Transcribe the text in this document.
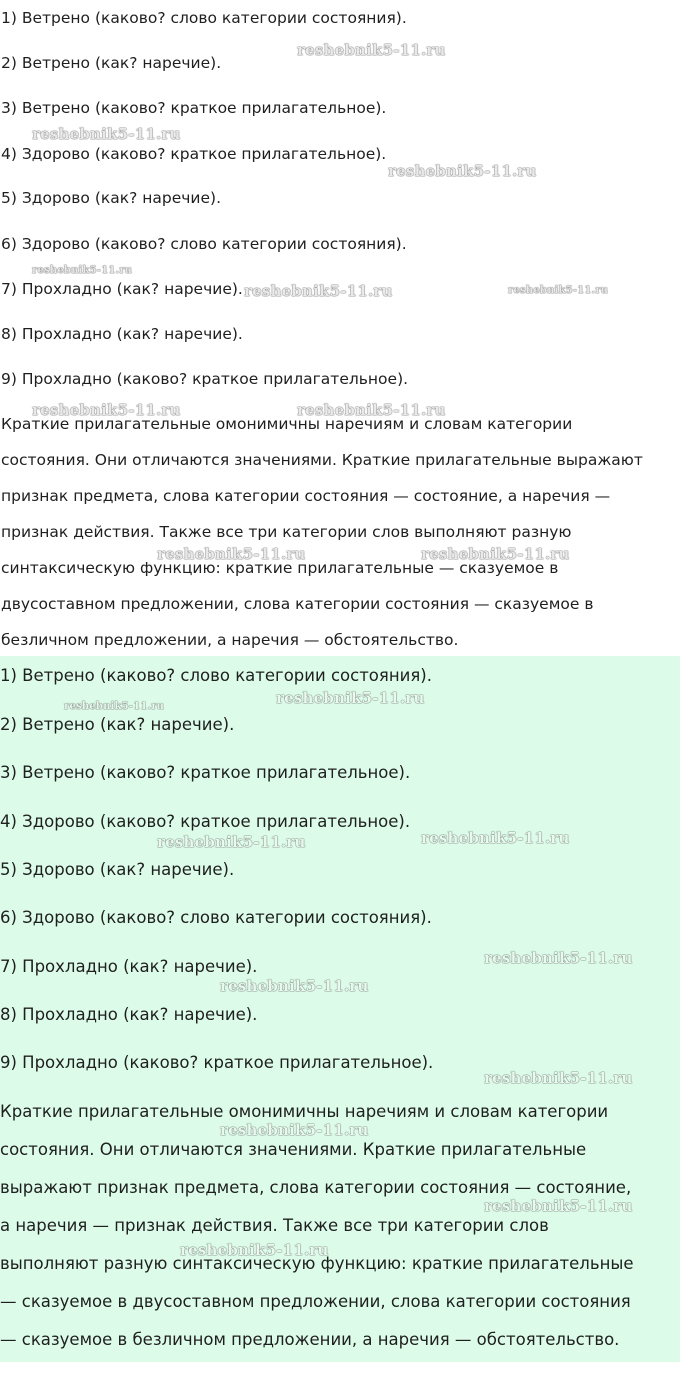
1) Ветрено (каково? слово категории состояния).
2) Ветрено (как? наречие).
3) Ветрено (каково? краткое прилагательное).
4) Здорово (каково? краткое прилагательное).
5) Здорово (как? наречие).
6) Здорово (каково? слово категории состояния).
7) Прохладно (как? наречие).
8) Прохладно (как? наречие).
9) Прохладно (каково? краткое прилагательное).
Краткие прилагательные омонимичны наречиям и словам категории
состояния. Они отличаются значениями. Краткие прилагательные выражают
признак предмета, слова категории состояния — состояние, а наречия —
признак действия. Также все три категории слов выполняют разную
синтаксическую функцию: краткие прилагательные — сказуемое в
двусоставном предложении, слова категории состояния — сказуемое в
безличном предложении, а наречия — обстоятельство.
reshebnik5-11.ru
reshebnik5-11.ru
reshebnik5-11.ru
reshebnik5-11.ru
reshebnik5-11.ru	reshebnik5-11.ru
reshebnik5-11.ru	reshebnik5-11.ru
reshebnik5-11.ru	reshebnik5-11.ru
1) Ветрено (каково? слово категории состояния).
2) Ветрено (как? наречие).
3) Ветрено (каково? краткое прилагательное).
4) Здорово (каково? краткое прилагательное).
5) Здорово (как? наречие).
6) Здорово (каково? слово категории состояния).
7) Прохладно (как? наречие).
8) Прохладно (как? наречие).
9) Прохладно (каково? краткое прилагательное).
Краткие прилагательные омонимичны наречиям и словам категории
состояния. Они отличаются значениями. Краткие прилагательные
выражают признак предмета, слова категории состояния — состояние,
а наречия — признак действия. Также все три категории слов
выполняют разную синтаксическую функцию: краткие прилагательные
— сказуемое в двусоставном предложении, слова категории состояния
— сказуемое в безличном предложении, а наречия — обстоятельство.
reshebnik5-11.ru
reshebnik5-11.ru
reshebnik5-11.ru	reshebnik5-11.ru
reshebnik5-11.ru
reshebnik5-11.ru
reshebnik5-11.ru
reshebnik5-11.ru
reshebnik5-11.ru
reshebnik5-11.ru
